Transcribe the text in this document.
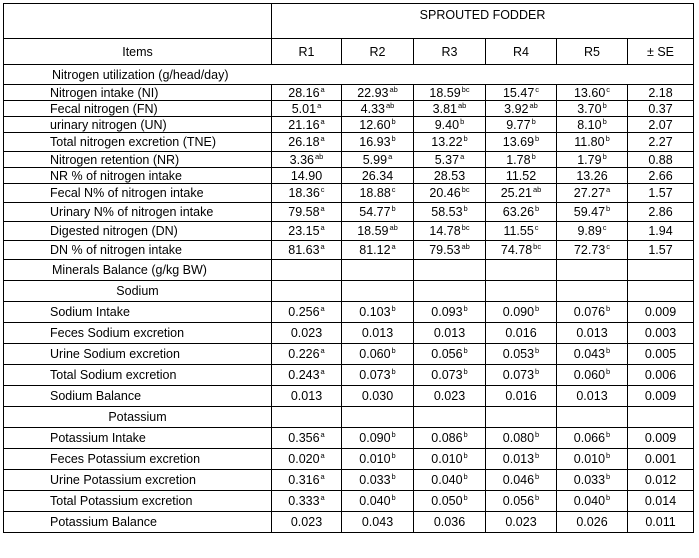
	SPROUTED FODDER					
Items	R1	R2	R3	R4	R5	± SE
Nitrogen utilization (g/head/day)						
Nitrogen intake (NI)	28.16$^a$	22.93$^{ab}$	18.59$^{bc}$	15.47$^c$	13.60$^c$	2.18
Fecal nitrogen (FN)	5.01$^a$	4.33$^{ab}$	3.81$^{ab}$	3.92$^{ab}$	3.70$^b$	0.37
urinary nitrogen (UN)	21.16$^a$	12.60$^b$	9.40$^b$	9.77$^b$	8.10$^b$	2.07
Total nitrogen excretion (TNE)	26.18$^a$	16.93$^b$	13.22$^b$	13.69$^b$	11.80$^b$	2.27
Nitrogen retention (NR)	3.36$^{ab}$	5.99$^a$	5.37$^a$	1.78$^b$	1.79$^b$	0.88
NR % of nitrogen intake	14.90	26.34	28.53	11.52	13.26	2.66
Fecal N% of nitrogen intake	18.36$^c$	18.88$^c$	20.46$^{bc}$	25.21$^{ab}$	27.27$^a$	1.57
Urinary N% of nitrogen intake	79.58$^a$	54.77$^b$	58.53$^b$	63.26$^b$	59.47$^b$	2.86
Digested nitrogen (DN)	23.15$^a$	18.59$^{ab}$	14.78$^{bc}$	11.55$^c$	9.89$^c$	1.94
DN % of nitrogen intake	81.63$^a$	81.12$^a$	79.53$^{ab}$	74.78$^{bc}$	72.73$^c$	1.57
Minerals Balance (g/kg BW)						
Sodium						
Sodium Intake	0.256$^a$	0.103$^b$	0.093$^b$	0.090$^b$	0.076$^b$	0.009
Feces Sodium excretion	0.023	0.013	0.013	0.016	0.013	0.003
Urine Sodium excretion	0.226$^a$	0.060$^b$	0.056$^b$	0.053$^b$	0.043$^b$	0.005
Total Sodium excretion	0.243$^a$	0.073$^b$	0.073$^b$	0.073$^b$	0.060$^b$	0.006
Sodium Balance	0.013	0.030	0.023	0.016	0.013	0.009
Potassium						
Potassium Intake	0.356$^a$	0.090$^b$	0.086$^b$	0.080$^b$	0.066$^b$	0.009
Feces Potassium excretion	0.020$^a$	0.010$^b$	0.010$^b$	0.013$^b$	0.010$^b$	0.001
Urine Potassium excretion	0.316$^a$	0.033$^b$	0.040$^b$	0.046$^b$	0.033$^b$	0.012
Total Potassium excretion	0.333$^a$	0.040$^b$	0.050$^b$	0.056$^b$	0.040$^b$	0.014
Potassium Balance	0.023	0.043	0.036	0.023	0.026	0.011
